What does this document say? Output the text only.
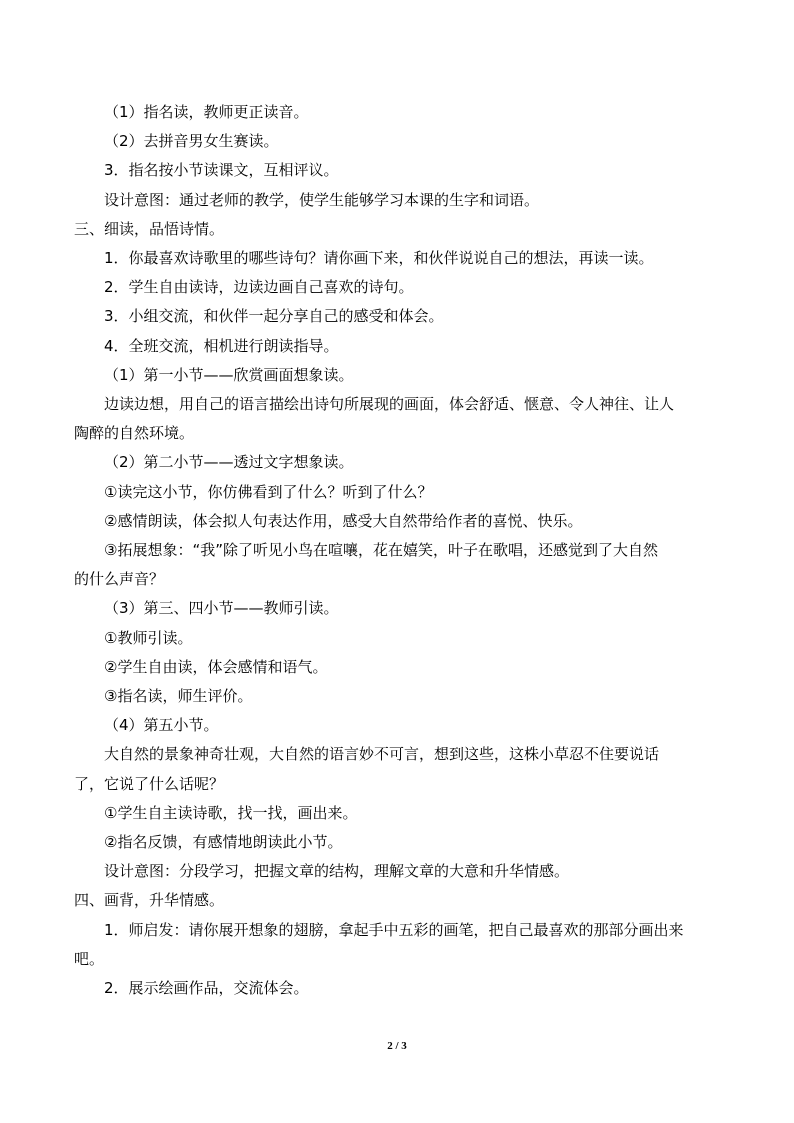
（1）指名读，教师更正读音。
（2）去拼音男女生赛读。
3．指名按小节读课文，互相评议。
设计意图：通过老师的教学，使学生能够学习本课的生字和词语。
三、细读，品悟诗情。
1．你最喜欢诗歌里的哪些诗句？请你画下来，和伙伴说说自己的想法，再读一读。
2．学生自由读诗，边读边画自己喜欢的诗句。
3．小组交流，和伙伴一起分享自己的感受和体会。
4．全班交流，相机进行朗读指导。
（1）第一小节——欣赏画面想象读。
边读边想，用自己的语言描绘出诗句所展现的画面，体会舒适、惬意、令人神往、让人
陶醉的自然环境。
（2）第二小节——透过文字想象读。
①读完这小节，你仿佛看到了什么？听到了什么？
②感情朗读，体会拟人句表达作用，感受大自然带给作者的喜悦、快乐。
③拓展想象：“我”除了听见小鸟在喧嚷，花在嬉笑，叶子在歌唱，还感觉到了大自然
的什么声音？
（3）第三、四小节——教师引读。
①教师引读。
②学生自由读，体会感情和语气。
③指名读，师生评价。
（4）第五小节。
大自然的景象神奇壮观，大自然的语言妙不可言，想到这些，这株小草忍不住要说话
了，它说了什么话呢？
①学生自主读诗歌，找一找，画出来。
②指名反馈，有感情地朗读此小节。
设计意图：分段学习，把握文章的结构，理解文章的大意和升华情感。
四、画背，升华情感。
1．师启发：请你展开想象的翅膀，拿起手中五彩的画笔，把自己最喜欢的那部分画出来
吧。
2．展示绘画作品，交流体会。
2 / 3
